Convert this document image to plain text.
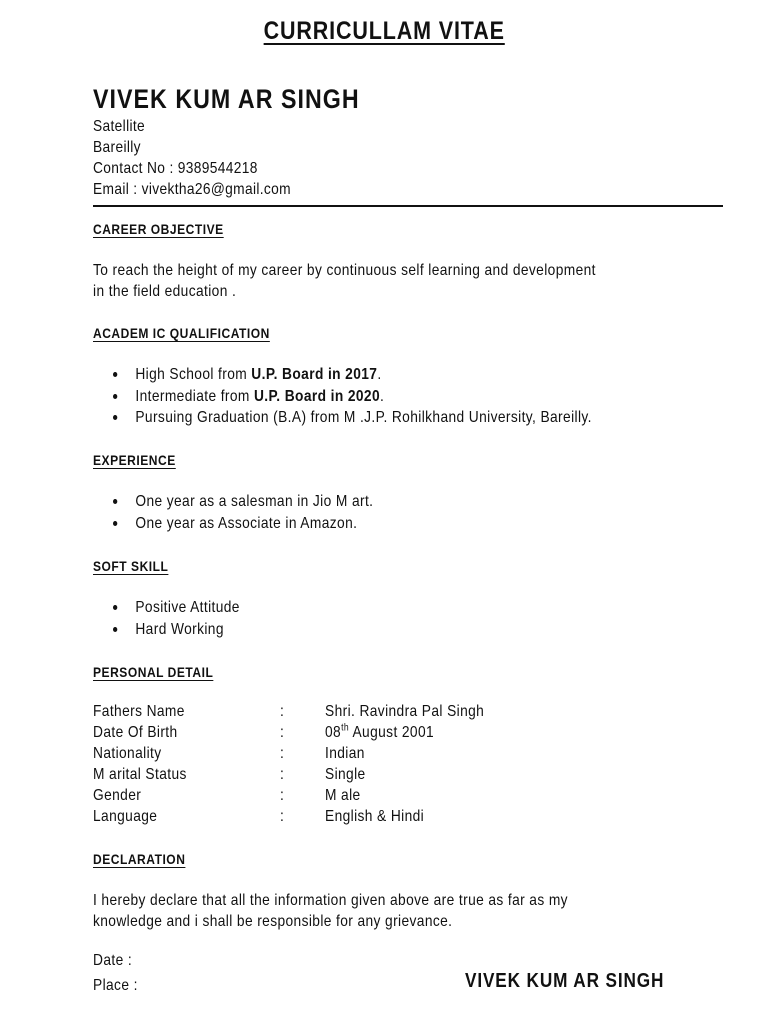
CURRICULLAM VITAE
VIVEK KUM AR SINGH
Satellite
Bareilly
Contact No : 9389544218
Email : vivektha26@gmail.com
CAREER OBJECTIVE
To reach the height of my career by continuous self learning and development
in the field education .
ACADEM IC QUALIFICATION
High School from U.P. Board in 2017.
Intermediate from U.P. Board in 2020.
Pursuing Graduation (B.A) from M .J.P. Rohilkhand University, Bareilly.
EXPERIENCE
One year as a salesman in Jio M art.
One year as Associate in Amazon.
SOFT SKILL
Positive Attitude
Hard Working
PERSONAL DETAIL
Fathers Name	:	Shri. Ravindra Pal Singh
Date Of Birth	:	08th August 2001
Nationality	:	Indian
M arital Status	:	Single
Gender	:	M ale
Language	:	English & Hindi
DECLARATION
I hereby declare that all the information given above are true as far as my
knowledge and i shall be responsible for any grievance.
Date :
Place :	VIVEK KUM AR SINGH
